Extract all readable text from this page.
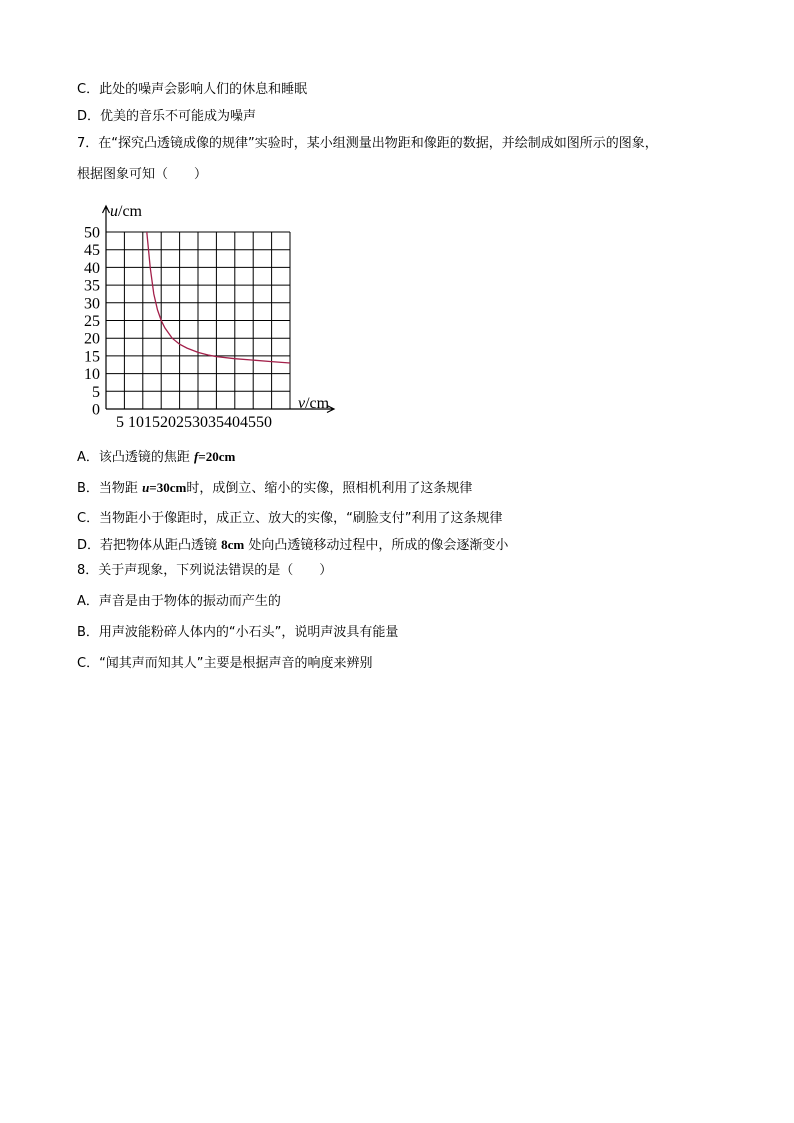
C．此处的噪声会影响人们的休息和睡眠
D．优美的音乐不可能成为噪声
7．在“探究凸透镜成像的规律”实验时，某小组测量出物距和像距的数据，并绘制成如图所示的图象，
根据图象可知（　　）
50
45
40
35
30
25
20
15
10
5
0
5 101520253035404550
u/cm
v/cm
A．该凸透镜的焦距 f=20cm
B．当物距 u=30cm时，成倒立、缩小的实像，照相机利用了这条规律
C．当物距小于像距时，成正立、放大的实像，“刷脸支付”利用了这条规律
D．若把物体从距凸透镜 8cm 处向凸透镜移动过程中，所成的像会逐渐变小
8．关于声现象，下列说法错误的是（　　）
A．声音是由于物体的振动而产生的
B．用声波能粉碎人体内的“小石头”，说明声波具有能量
C．“闻其声而知其人”主要是根据声音的响度来辨别
